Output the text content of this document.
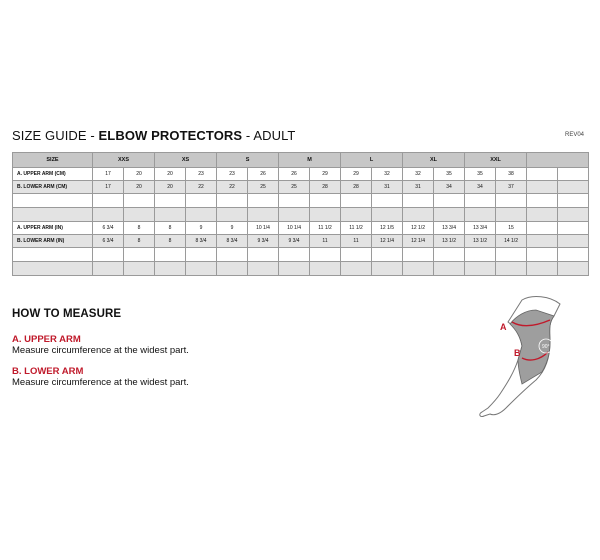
SIZE GUIDE - ELBOW PROTECTORS - ADULT	REV04
SIZE	XXS		XS		S		M		L		XL		XXL			
A. UPPER ARM (CM)	17	20	20	23	23	26	26	29	29	32	32	35	35	38		
B. LOWER ARM (CM)	17	20	20	22	22	25	25	28	28	31	31	34	34	37		

A. UPPER ARM (IN)	6 3/4	8	8	9	9	10 1/4	10 1/4	11 1/2	11 1/2	12 1/5	12 1/2	13 3/4	13 3/4	15		
B. LOWER ARM (IN)	6 3/4	8	8	8 3/4	8 3/4	9 3/4	9 3/4	11	11	12 1/4	12 1/4	13 1/2	13 1/2	14 1/2		

HOW TO MEASURE
A. UPPER ARM
Measure circumference at the widest part.
B. LOWER ARM
Measure circumference at the widest part.
90°
A
B
